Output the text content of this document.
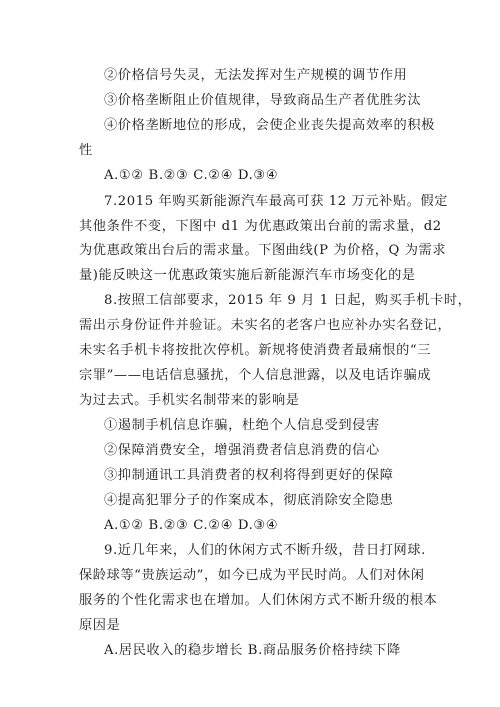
②价格信号失灵，无法发挥对生产规模的调节作用
③价格垄断阻止价值规律，导致商品生产者优胜劣汰
④价格垄断地位的形成，会使企业丧失提高效率的积极
性
A.①② B.②③ C.②④ D.③④
7.2015 年购买新能源汽车最高可获 12 万元补贴。假定
其他条件不变，下图中 d1 为优惠政策出台前的需求量，d2
为优惠政策出台后的需求量。下图曲线(P 为价格，Q 为需求
量)能反映这一优惠政策实施后新能源汽车市场变化的是
8.按照工信部要求，2015 年 9 月 1 日起，购买手机卡时，
需出示身份证件并验证。未实名的老客户也应补办实名登记，
未实名手机卡将按批次停机。新规将使消费者最痛恨的“三
宗罪”——电话信息骚扰，个人信息泄露，以及电话诈骗成
为过去式。手机实名制带来的影响是
①遏制手机信息诈骗，杜绝个人信息受到侵害
②保障消费安全，增强消费者信息消费的信心
③抑制通讯工具消费者的权利将得到更好的保障
④提高犯罪分子的作案成本，彻底消除安全隐患
A.①② B.②③ C.②④ D.③④
9.近几年来，人们的休闲方式不断升级，昔日打网球.
保龄球等“贵族运动”，如今已成为平民时尚。人们对休闲
服务的个性化需求也在增加。人们休闲方式不断升级的根本
原因是
A.居民收入的稳步增长 B.商品服务价格持续下降
